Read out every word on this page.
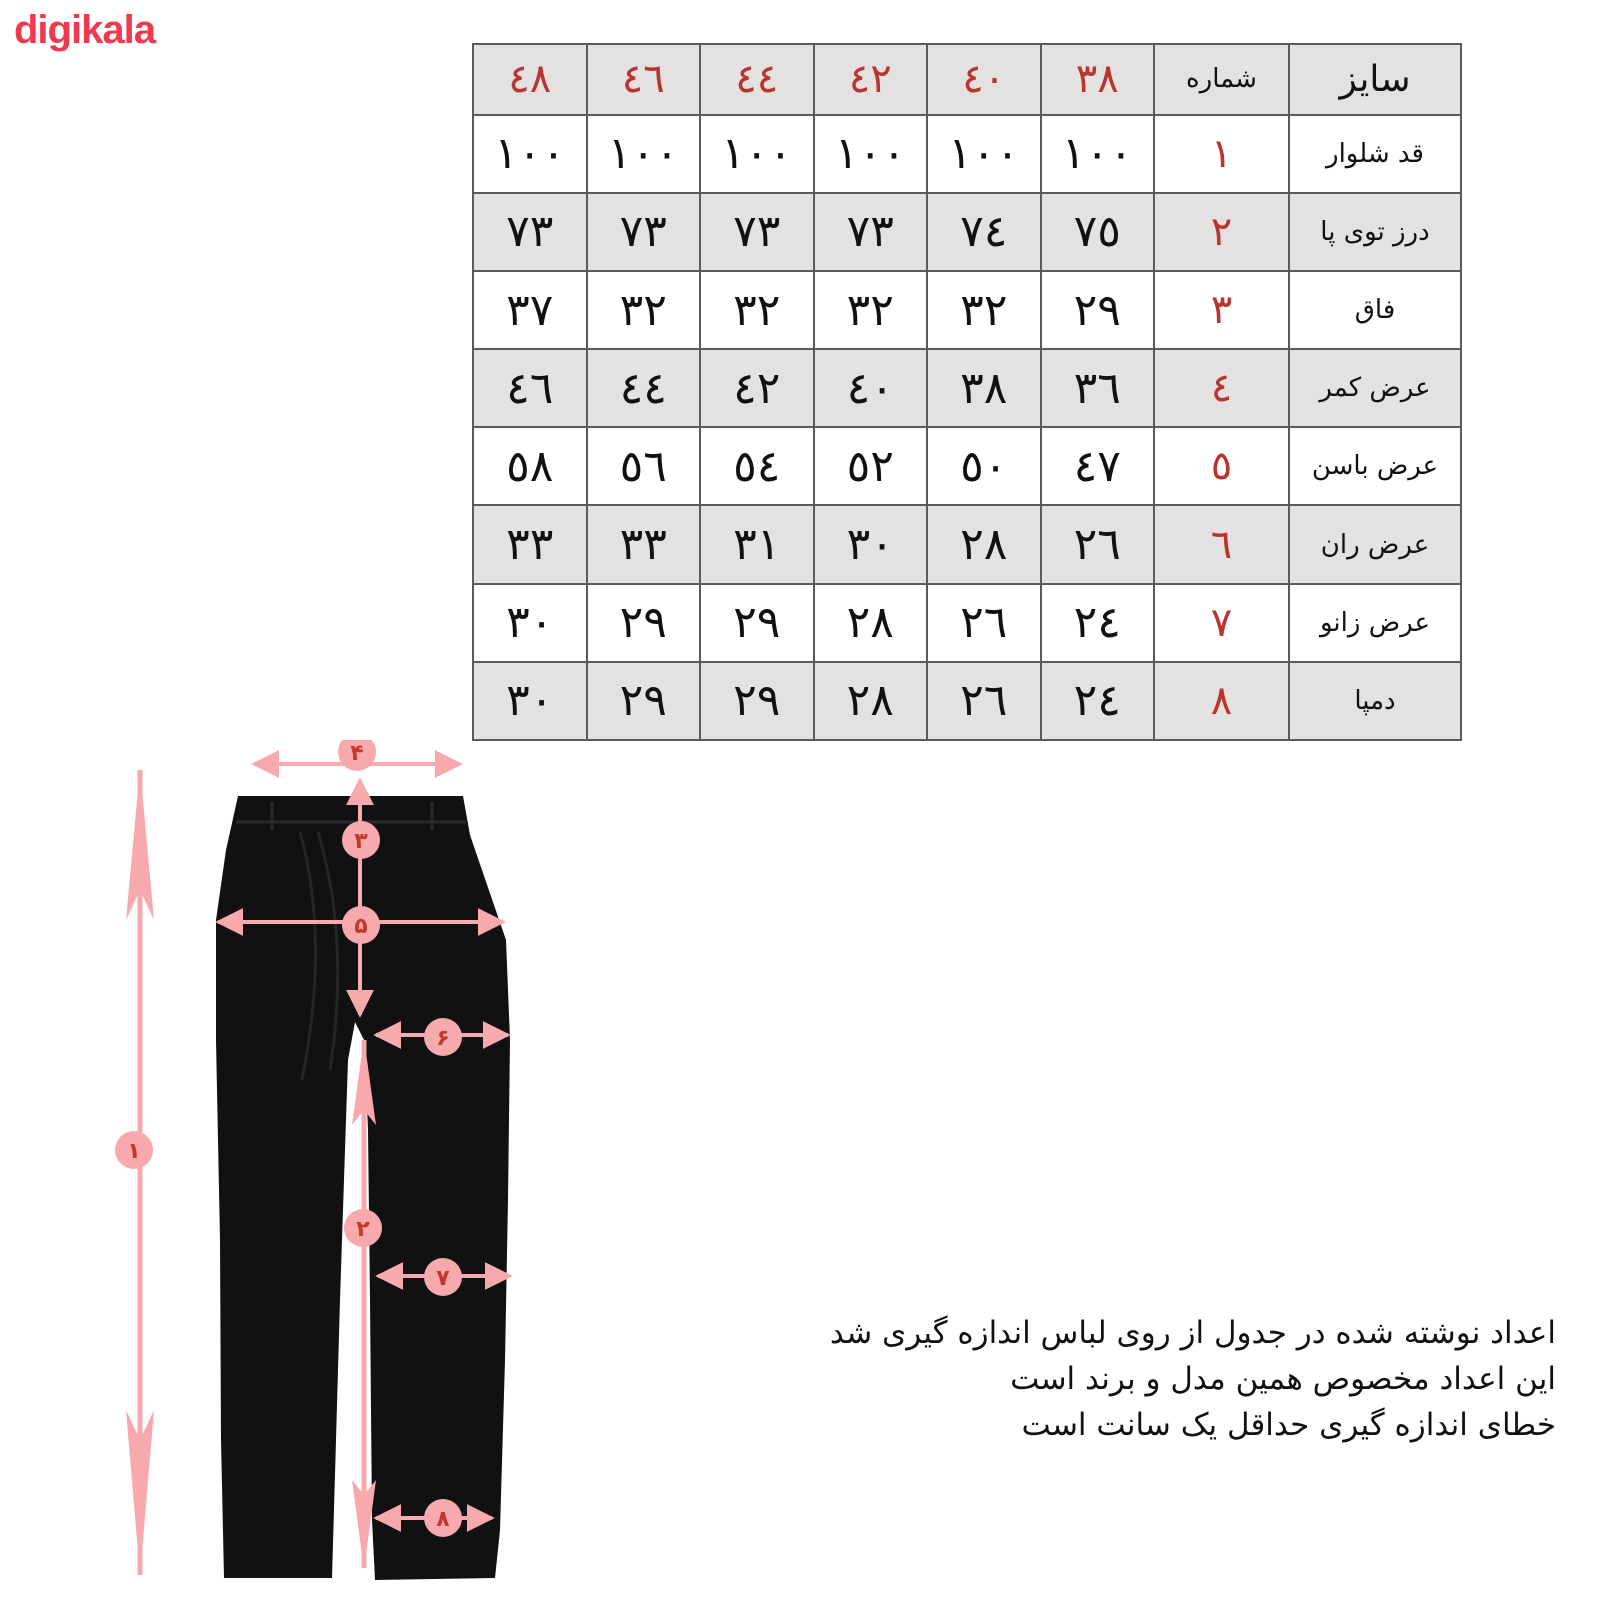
digikala
سایز	شماره	۳۸	٤۰	٤۲	٤٤	٤٦	٤۸
قد شلوار	۱	۱۰۰	۱۰۰	۱۰۰	۱۰۰	۱۰۰	۱۰۰
درز توی پا	۲	۷٥	۷٤	۷۳	۷۳	۷۳	۷۳
فاق	۳	۲۹	۳۲	۳۲	۳۲	۳۲	۳۷
عرض کمر	٤	۳٦	۳۸	٤۰	٤۲	٤٤	٤٦
عرض باسن	٥	٤۷	٥۰	٥۲	٥٤	٥٦	٥۸
عرض ران	٦	۲٦	۲۸	۳۰	۳۱	۳۳	۳۳
عرض زانو	۷	۲٤	۲٦	۲۸	۲۹	۲۹	۳۰
دمپا	۸	۲٤	۲٦	۲۸	۲۹	۲۹	۳۰
۱
۲
۳
۴
۵
۶
۷
۸
اعداد نوشته شده در جدول از روی لباس اندازه گیری شد
این اعداد مخصوص همین مدل و برند است
خطای اندازه گیری حداقل یک سانت است
